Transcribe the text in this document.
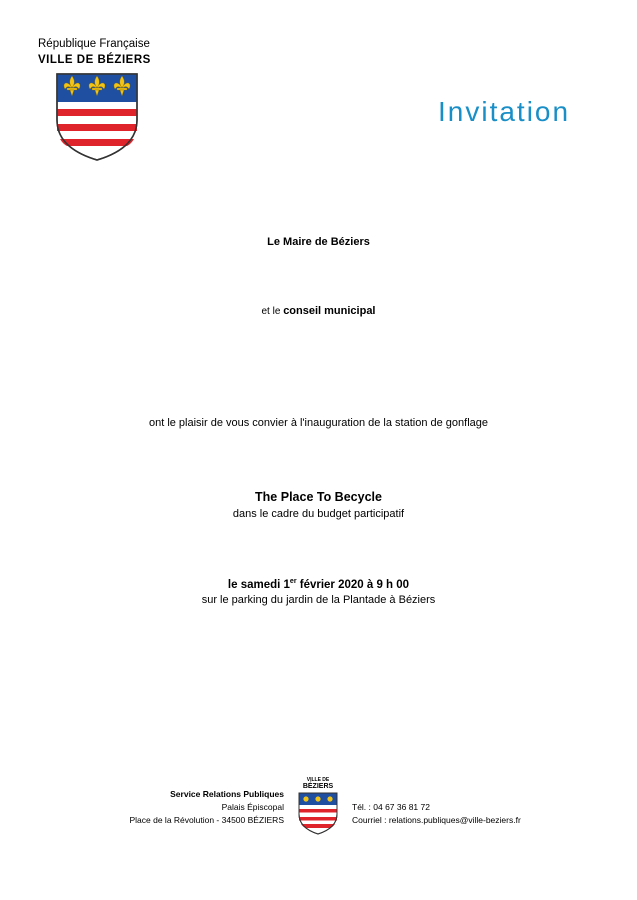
République Française
VILLE DE BÉZIERS
Invitation
Le Maire de Béziers
et le conseil municipal
ont le plaisir de vous convier à l'inauguration de la station de gonflage
The Place To Becycle
dans le cadre du budget participatif
le samedi 1er février 2020 à 9 h 00
sur le parking du jardin de la Plantade à Béziers
Service Relations Publiques
Palais Épiscopal
Place de la Révolution - 34500 BÉZIERS
VILLE DE
BÉZIERS
Tél. : 04 67 36 81 72
Courriel : relations.publiques@ville-beziers.fr
